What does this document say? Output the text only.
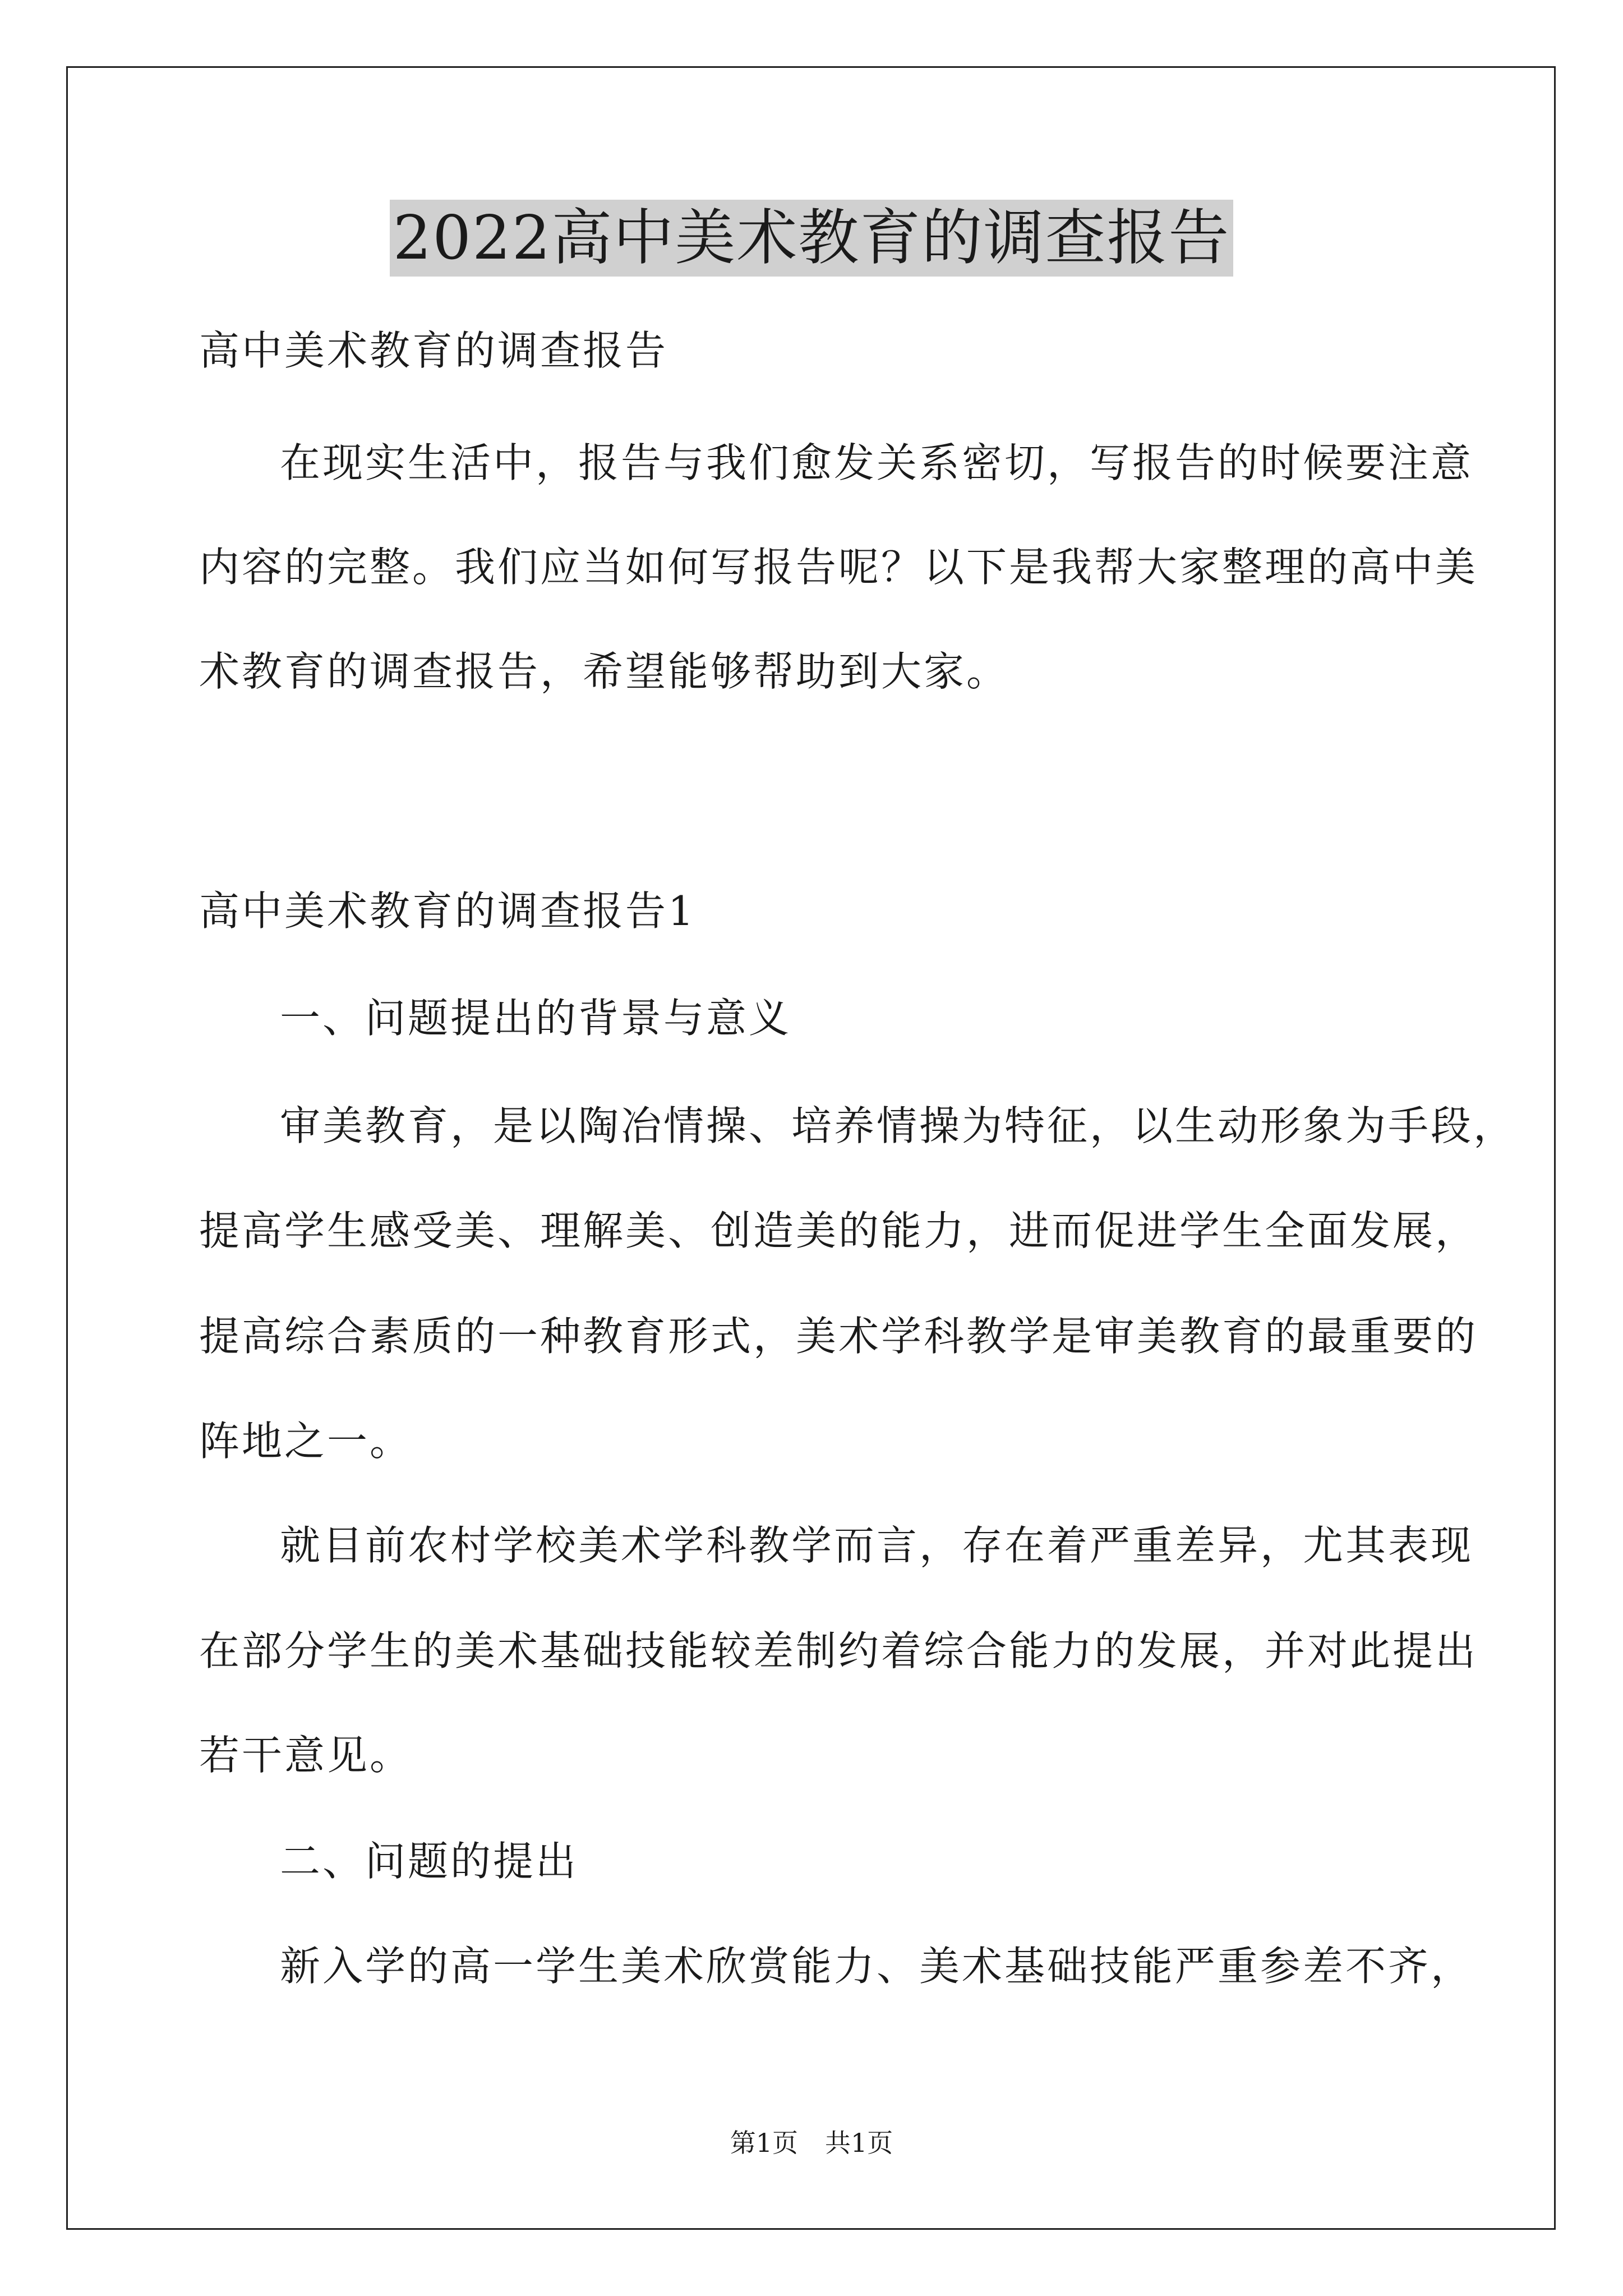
2022高中美术教育的调查报告
高中美术教育的调查报告
在现实生活中，报告与我们愈发关系密切，写报告的时候要注意
内容的完整。我们应当如何写报告呢？以下是我帮大家整理的高中美
术教育的调查报告，希望能够帮助到大家。
高中美术教育的调查报告1
一、问题提出的背景与意义
审美教育，是以陶冶情操、培养情操为特征，以生动形象为手段，
提高学生感受美、理解美、创造美的能力，进而促进学生全面发展，
提高综合素质的一种教育形式，美术学科教学是审美教育的最重要的
阵地之一。
就目前农村学校美术学科教学而言，存在着严重差异，尤其表现
在部分学生的美术基础技能较差制约着综合能力的发展，并对此提出
若干意见。
二、问题的提出
新入学的高一学生美术欣赏能力、美术基础技能严重参差不齐，
第1页 共1页
